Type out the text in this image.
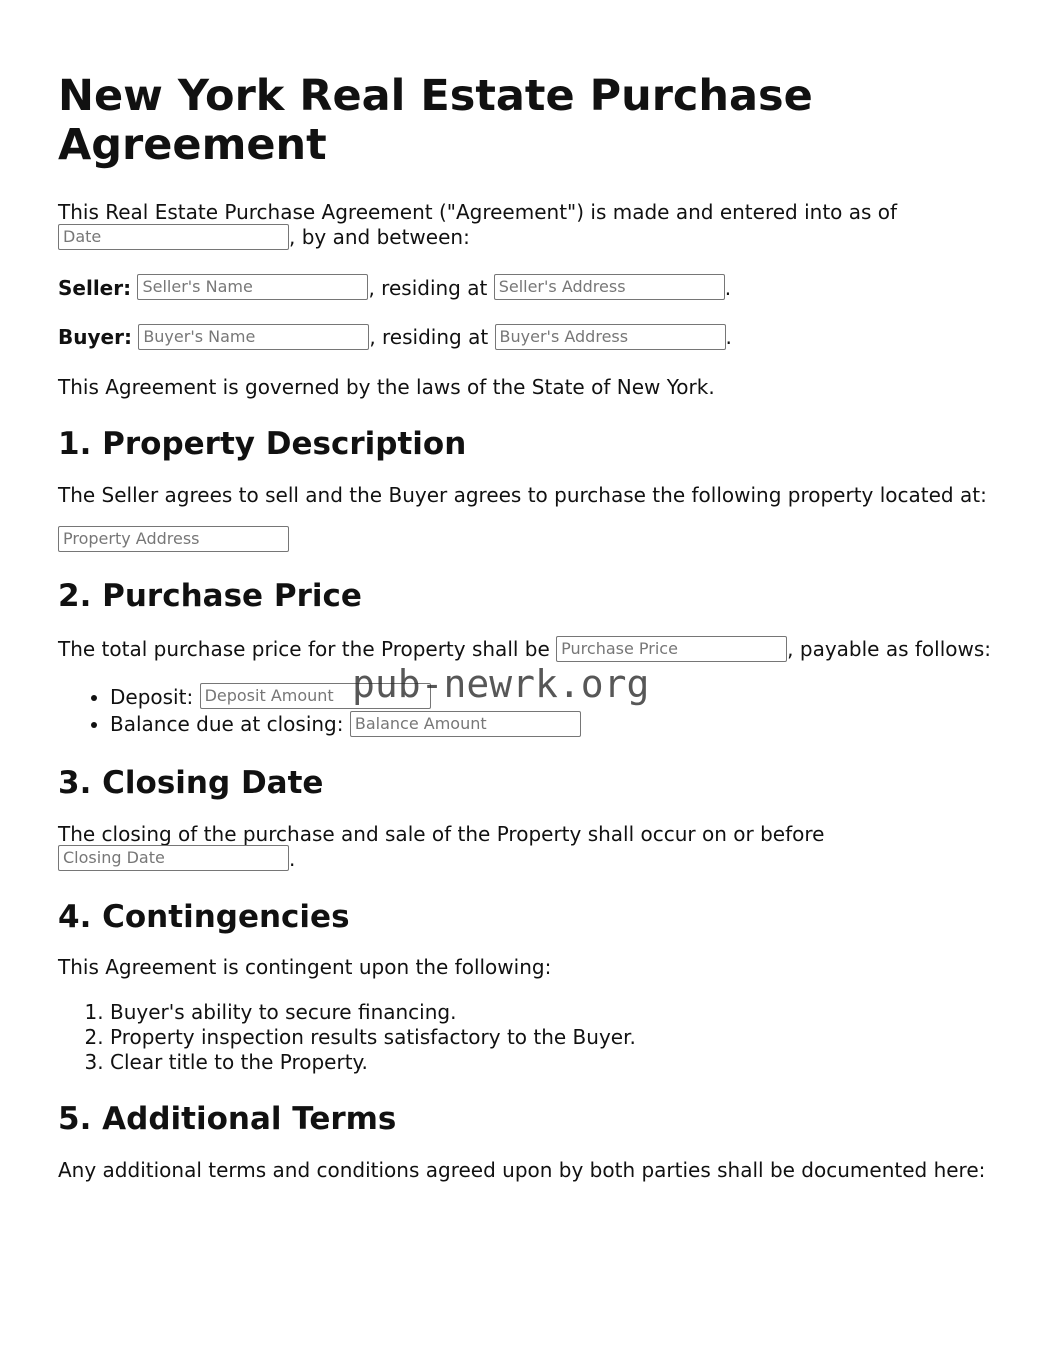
New York Real Estate Purchase Agreement

This Real Estate Purchase Agreement ("Agreement") is made and entered into as of
Date	, by and between:

Seller: Seller's Name	, residing at Seller's Address	.

Buyer: Buyer's Name	, residing at Buyer's Address	.

This Agreement is governed by the laws of the State of New York.

1. Property Description

The Seller agrees to sell and the Buyer agrees to purchase the following property located at:

Property Address

2. Purchase Price

The total purchase price for the Property shall be Purchase Price	, payable as follows:

• Deposit: Deposit Amount
• Balance due at closing: Balance Amount
3. Closing Date

The closing of the purchase and sale of the Property shall occur on or before
Closing Date	.

4. Contingencies

This Agreement is contingent upon the following:

1. Buyer's ability to secure financing.
2. Property inspection results satisfactory to the Buyer.
3. Clear title to the Property.
5. Additional Terms

Any additional terms and conditions agreed upon by both parties shall be documented here:

pub-newrk.org
